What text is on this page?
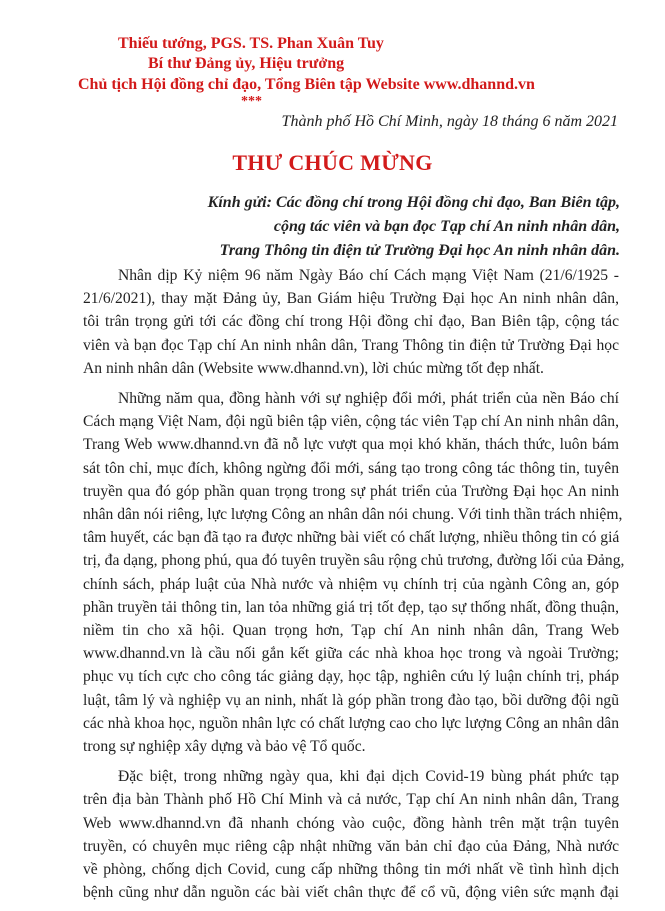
Thiếu tướng, PGS. TS. Phan Xuân Tuy
Bí thư Đảng ủy, Hiệu trưởng
Chủ tịch Hội đồng chỉ đạo, Tổng Biên tập Website www.dhannd.vn
***
Thành phố Hồ Chí Minh, ngày 18 tháng 6 năm 2021
THƯ CHÚC MỪNG
Kính gửi: Các đồng chí trong Hội đồng chỉ đạo, Ban Biên tập,
cộng tác viên và bạn đọc Tạp chí An ninh nhân dân,
Trang Thông tin điện tử Trường Đại học An ninh nhân dân.
Nhân dịp Kỷ niệm 96 năm Ngày Báo chí Cách mạng Việt Nam (21/6/1925 -
21/6/2021), thay mặt Đảng ủy, Ban Giám hiệu Trường Đại học An ninh nhân dân,
tôi trân trọng gửi tới các đồng chí trong Hội đồng chỉ đạo, Ban Biên tập, cộng tác
viên và bạn đọc Tạp chí An ninh nhân dân, Trang Thông tin điện tử Trường Đại học
An ninh nhân dân (Website www.dhannd.vn), lời chúc mừng tốt đẹp nhất.
Những năm qua, đồng hành với sự nghiệp đổi mới, phát triển của nền Báo chí
Cách mạng Việt Nam, đội ngũ biên tập viên, cộng tác viên Tạp chí An ninh nhân dân,
Trang Web www.dhannd.vn đã nỗ lực vượt qua mọi khó khăn, thách thức, luôn bám
sát tôn chỉ, mục đích, không ngừng đổi mới, sáng tạo trong công tác thông tin, tuyên
truyền qua đó góp phần quan trọng trong sự phát triển của Trường Đại học An ninh
nhân dân nói riêng, lực lượng Công an nhân dân nói chung. Với tinh thần trách nhiệm,
tâm huyết, các bạn đã tạo ra được những bài viết có chất lượng, nhiều thông tin có giá
trị, đa dạng, phong phú, qua đó tuyên truyền sâu rộng chủ trương, đường lối của Đảng,
chính sách, pháp luật của Nhà nước và nhiệm vụ chính trị của ngành Công an, góp
phần truyền tải thông tin, lan tỏa những giá trị tốt đẹp, tạo sự thống nhất, đồng thuận,
niềm tin cho xã hội. Quan trọng hơn, Tạp chí An ninh nhân dân, Trang Web
www.dhannd.vn là cầu nối gắn kết giữa các nhà khoa học trong và ngoài Trường;
phục vụ tích cực cho công tác giảng dạy, học tập, nghiên cứu lý luận chính trị, pháp
luật, tâm lý và nghiệp vụ an ninh, nhất là góp phần trong đào tạo, bồi dưỡng đội ngũ
các nhà khoa học, nguồn nhân lực có chất lượng cao cho lực lượng Công an nhân dân
trong sự nghiệp xây dựng và bảo vệ Tổ quốc.
Đặc biệt, trong những ngày qua, khi đại dịch Covid-19 bùng phát phức tạp
trên địa bàn Thành phố Hồ Chí Minh và cả nước, Tạp chí An ninh nhân dân, Trang
Web www.dhannd.vn đã nhanh chóng vào cuộc, đồng hành trên mặt trận tuyên
truyền, có chuyên mục riêng cập nhật những văn bản chỉ đạo của Đảng, Nhà nước
về phòng, chống dịch Covid, cung cấp những thông tin mới nhất về tình hình dịch
bệnh cũng như dẫn nguồn các bài viết chân thực để cổ vũ, động viên sức mạnh đại
